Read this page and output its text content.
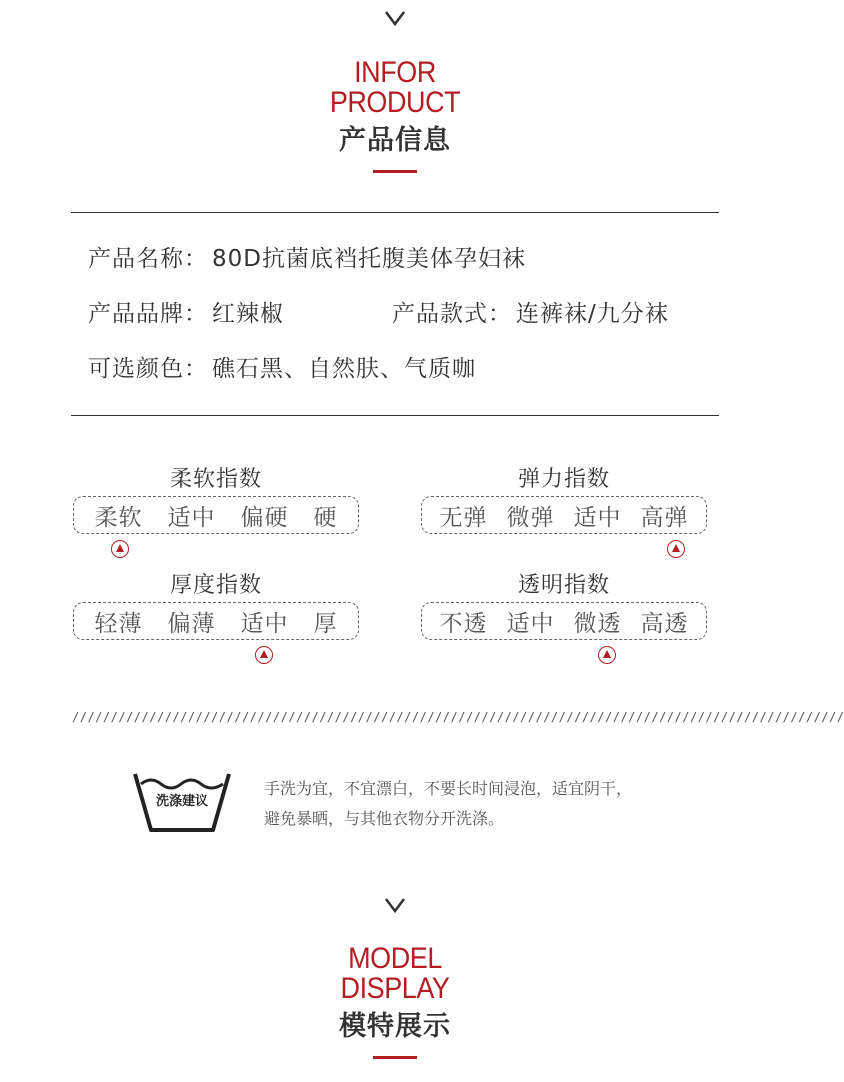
INFOR
PRODUCT
产品信息
产品名称： 80D抗菌底裆托腹美体孕妇袜
产品品牌： 红辣椒	产品款式： 连裤袜/九分袜
可选颜色： 礁石黑、自然肤、气质咖
柔软指数
柔软 适中 偏硬 硬
弹力指数
无弹 微弹 适中 高弹
厚度指数
轻薄 偏薄 适中 厚
透明指数
不透 适中 微透 高透
////////////////////////////////////////////////////////////////////////////////////////////////////
洗涤建议
手洗为宜，不宜漂白，不要长时间浸泡，适宜阴干，
避免暴晒，与其他衣物分开洗涤。
MODEL
DISPLAY
模特展示
